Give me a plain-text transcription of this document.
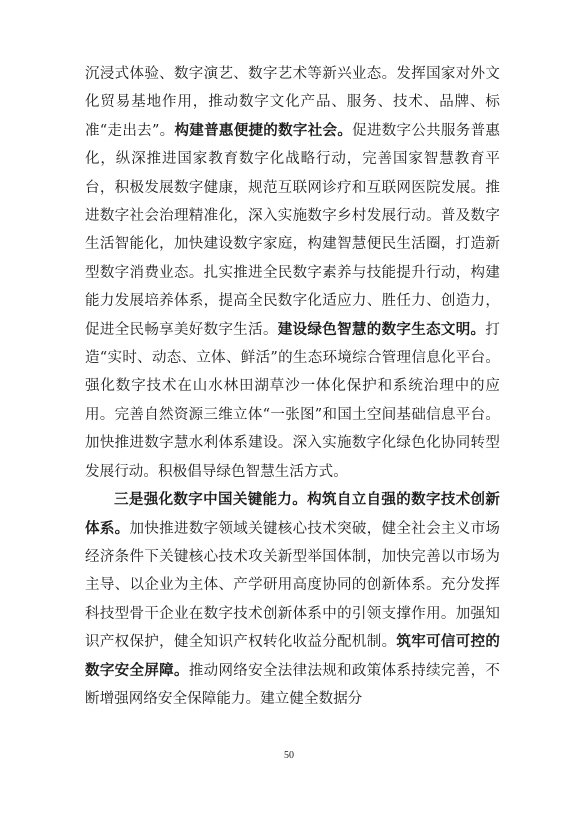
沉浸式体验、数字演艺、数字艺术等新兴业态。发挥国家对外文化贸易基地作用，推动数字文化产品、服务、技术、品牌、标准“走出去”。构建普惠便捷的数字社会。促进数字公共服务普惠化，纵深推进国家教育数字化战略行动，完善国家智慧教育平台，积极发展数字健康，规范互联网诊疗和互联网医院发展。推进数字社会治理精准化，深入实施数字乡村发展行动。普及数字生活智能化，加快建设数字家庭，构建智慧便民生活圈，打造新型数字消费业态。扎实推进全民数字素养与技能提升行动，构建能力发展培养体系，提高全民数字化适应力、胜任力、创造力，促进全民畅享美好数字生活。建设绿色智慧的数字生态文明。打造“实时、动态、立体、鲜活”的生态环境综合管理信息化平台。强化数字技术在山水林田湖草沙一体化保护和系统治理中的应用。完善自然资源三维立体“一张图”和国土空间基础信息平台。加快推进数字慧水利体系建设。深入实施数字化绿色化协同转型发展行动。积极倡导绿色智慧生活方式。

三是强化数字中国关键能力。构筑自立自强的数字技术创新体系。加快推进数字领域关键核心技术突破，健全社会主义市场经济条件下关键核心技术攻关新型举国体制，加快完善以市场为主导、以企业为主体、产学研用高度协同的创新体系。充分发挥科技型骨干企业在数字技术创新体系中的引领支撑作用。加强知识产权保护，健全知识产权转化收益分配机制。筑牢可信可控的数字安全屏障。推动网络安全法律法规和政策体系持续完善，不断增强网络安全保障能力。建立健全数据分

50
